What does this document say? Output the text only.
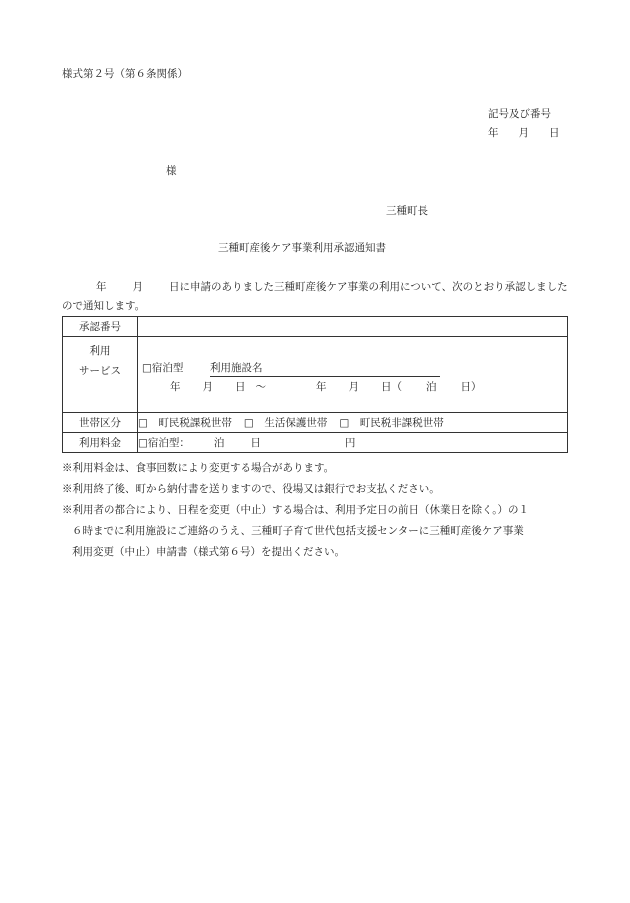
様式第２号（第６条関係）
記号及び番号
年 月 日
様
三種町長
三種町産後ケア事業利用承認通知書
年 月 日に申請のありました三種町産後ケア事業の利用について、次のとおり承認しましたので通知します。
承認番号	

利用
サービス	□宿泊型 利用施設名
年 月 日 ～ 年 月 日（ 泊 日）

世帯区分	□　町民税課税世帯 □　生活保護世帯 □　町民税非課税世帯
利用料金	□宿泊型： 泊 日 円
※利用料金は、食事回数により変更する場合があります。
※利用終了後、町から納付書を送りますので、役場又は銀行でお支払ください。
※利用者の都合により、日程を変更（中止）する場合は、利用予定日の前日（休業日を除く。）の１
６時までに利用施設にご連絡のうえ、三種町子育て世代包括支援センターに三種町産後ケア事業
利用変更（中止）申請書（様式第６号）を提出ください。
